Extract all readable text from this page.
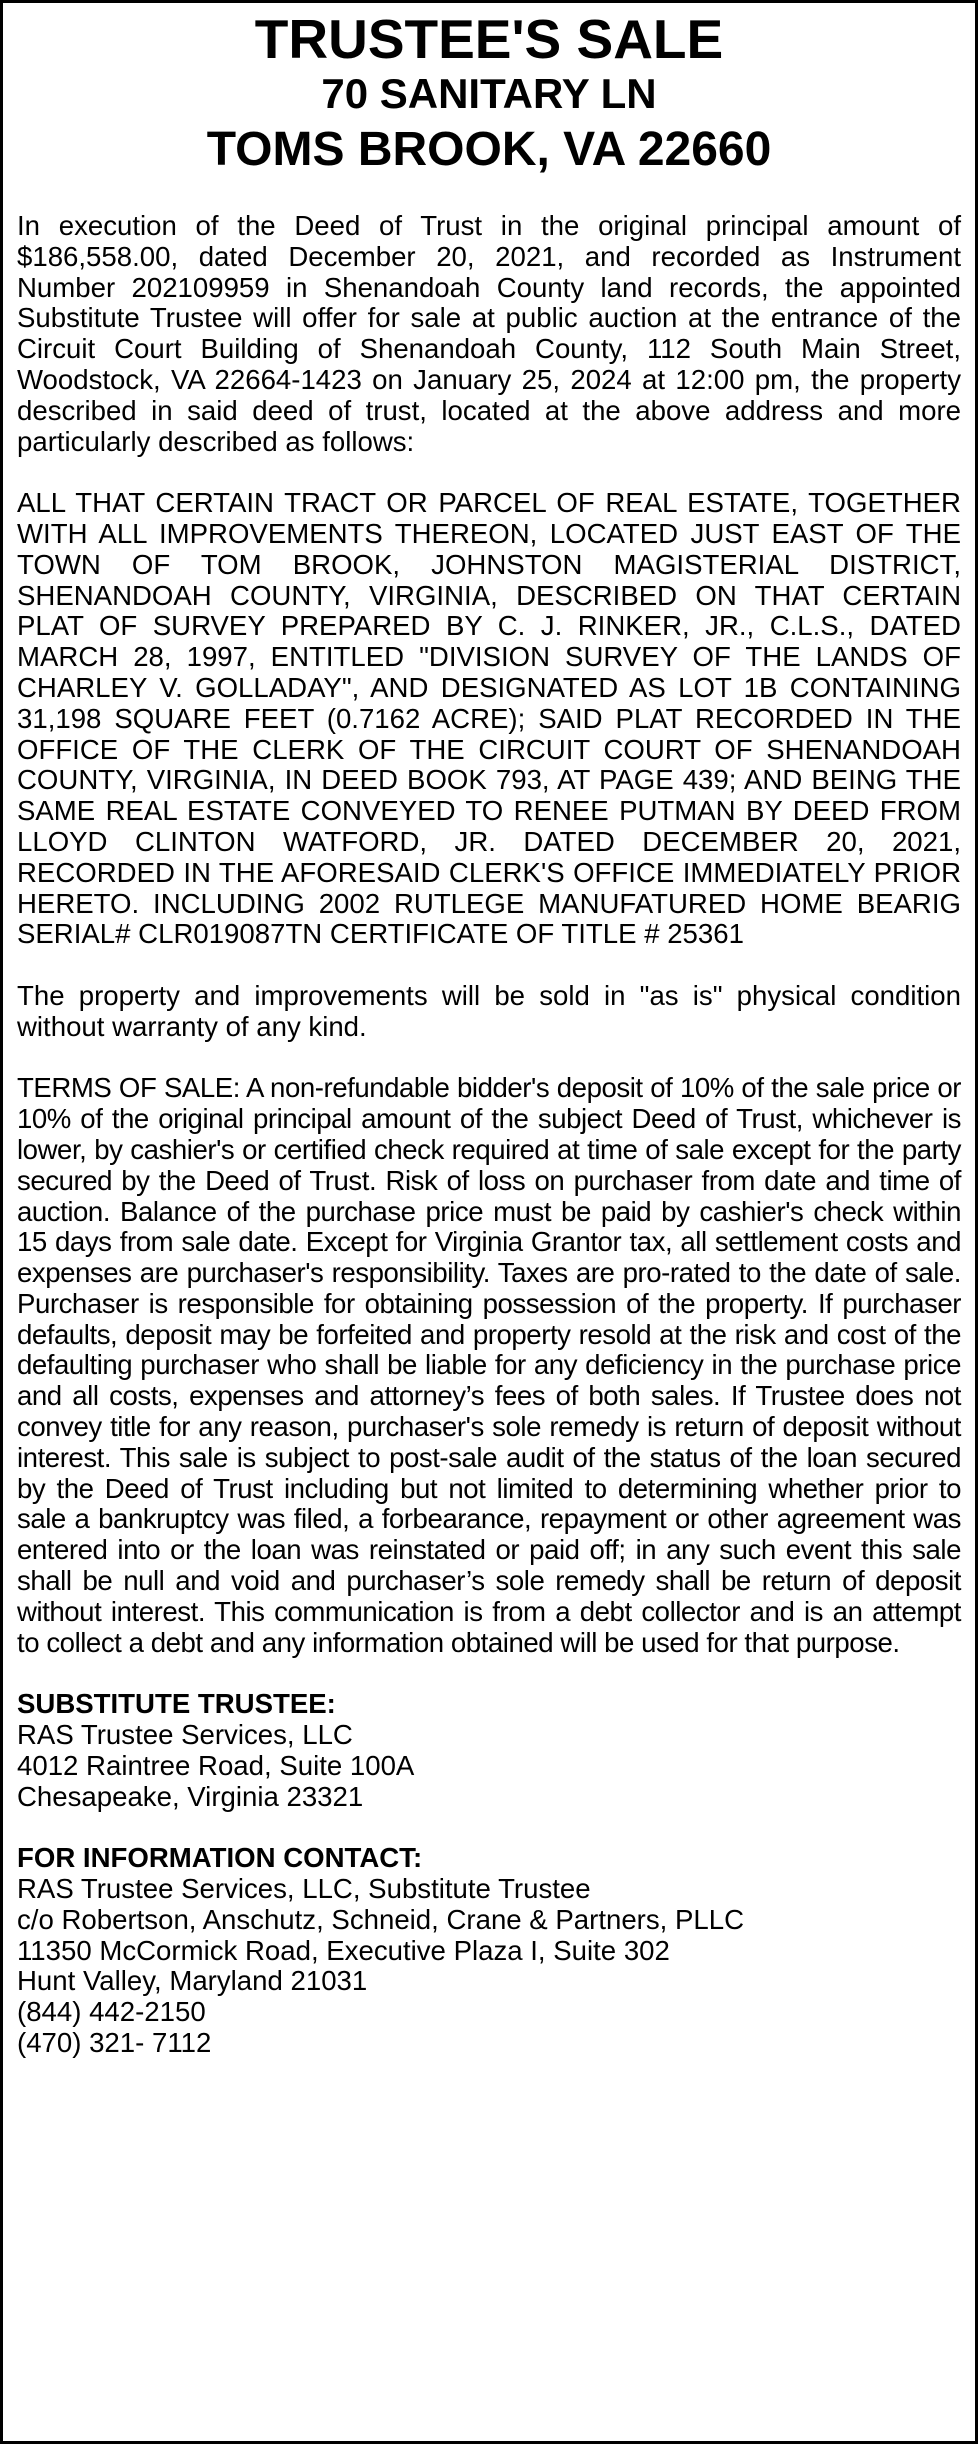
TRUSTEE'S SALE
70 SANITARY LN
TOMS BROOK, VA 22660

In execution of the Deed of Trust in the original principal amount of $186,558.00, dated December 20, 2021, and recorded as Instrument Number 202109959 in Shenandoah County land records, the appointed Substitute Trustee will offer for sale at public auction at the entrance of the Circuit Court Building of Shenandoah County, 112 South Main Street, Woodstock, VA 22664-1423 on January 25, 2024 at 12:00 pm, the property described in said deed of trust, located at the above address and more particularly described as follows:

ALL THAT CERTAIN TRACT OR PARCEL OF REAL ESTATE, TOGETHER WITH ALL IMPROVEMENTS THEREON, LOCATED JUST EAST OF THE TOWN OF TOM BROOK, JOHNSTON MAGISTERIAL DISTRICT, SHENANDOAH COUNTY, VIRGINIA, DESCRIBED ON THAT CERTAIN PLAT OF SURVEY PREPARED BY C. J. RINKER, JR., C.L.S., DATED MARCH 28, 1997, ENTITLED "DIVISION SURVEY OF THE LANDS OF CHARLEY V. GOLLADAY", AND DESIGNATED AS LOT 1B CONTAINING 31,198 SQUARE FEET (0.7162 ACRE); SAID PLAT RECORDED IN THE OFFICE OF THE CLERK OF THE CIRCUIT COURT OF SHENANDOAH COUNTY, VIRGINIA, IN DEED BOOK 793, AT PAGE 439; AND BEING THE SAME REAL ESTATE CONVEYED TO RENEE PUTMAN BY DEED FROM LLOYD CLINTON WATFORD, JR. DATED DECEMBER 20, 2021, RECORDED IN THE AFORESAID CLERK'S OFFICE IMMEDIATELY PRIOR HERETO. INCLUDING 2002 RUTLEGE MANUFATURED HOME BEARIG SERIAL# CLR019087TN CERTIFICATE OF TITLE # 25361

The property and improvements will be sold in "as is" physical condition without warranty of any kind.

TERMS OF SALE: A non-refundable bidder's deposit of 10% of the sale price or 10% of the original principal amount of the subject Deed of Trust, whichever is lower, by cashier's or certified check required at time of sale except for the party secured by the Deed of Trust. Risk of loss on purchaser from date and time of auction. Balance of the purchase price must be paid by cashier's check within 15 days from sale date. Except for Virginia Grantor tax, all settlement costs and expenses are purchaser's responsibility. Taxes are pro-rated to the date of sale. Purchaser is responsible for obtaining possession of the property. If purchaser defaults, deposit may be forfeited and property resold at the risk and cost of the defaulting purchaser who shall be liable for any deficiency in the purchase price and all costs, expenses and attorney’s fees of both sales. If Trustee does not convey title for any reason, purchaser's sole remedy is return of deposit without interest. This sale is subject to post-sale audit of the status of the loan secured by the Deed of Trust including but not limited to determining whether prior to sale a bankruptcy was filed, a forbearance, repayment or other agreement was entered into or the loan was reinstated or paid off; in any such event this sale shall be null and void and purchaser’s sole remedy shall be return of deposit without interest. This communication is from a debt collector and is an attempt to collect a debt and any information obtained will be used for that purpose.

SUBSTITUTE TRUSTEE:
RAS Trustee Services, LLC
4012 Raintree Road, Suite 100A
Chesapeake, Virginia 23321
FOR INFORMATION CONTACT:
RAS Trustee Services, LLC, Substitute Trustee
c/o Robertson, Anschutz, Schneid, Crane & Partners, PLLC
11350 McCormick Road, Executive Plaza I, Suite 302
Hunt Valley, Maryland 21031
(844) 442-2150
(470) 321- 7112
